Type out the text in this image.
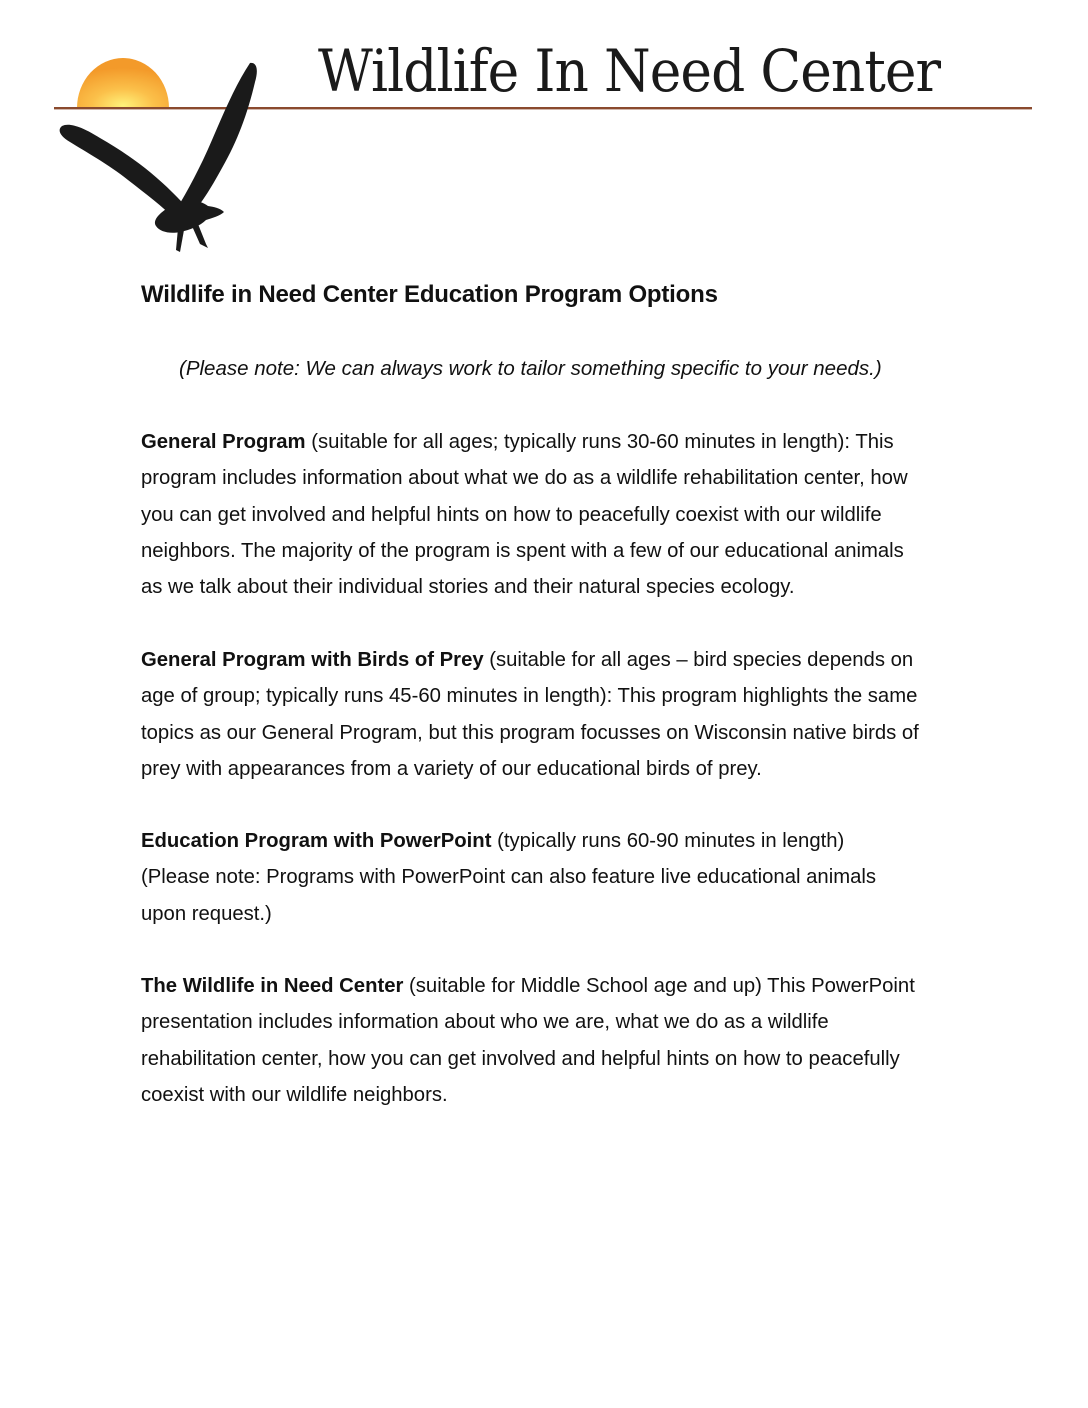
Wildlife In Need Center
Wildlife in Need Center Education Program Options

(Please note: We can always work to tailor something specific to your needs.)

General Program (suitable for all ages; typically runs 30-60 minutes in length): This
program includes information about what we do as a wildlife rehabilitation center, how
you can get involved and helpful hints on how to peacefully coexist with our wildlife
neighbors. The majority of the program is spent with a few of our educational animals
as we talk about their individual stories and their natural species ecology.
General Program with Birds of Prey (suitable for all ages – bird species depends on
age of group; typically runs 45-60 minutes in length): This program highlights the same
topics as our General Program, but this program focusses on Wisconsin native birds of
prey with appearances from a variety of our educational birds of prey.
Education Program with PowerPoint (typically runs 60-90 minutes in length)
(Please note: Programs with PowerPoint can also feature live educational animals
upon request.)
The Wildlife in Need Center (suitable for Middle School age and up) This PowerPoint
presentation includes information about who we are, what we do as a wildlife
rehabilitation center, how you can get involved and helpful hints on how to peacefully
coexist with our wildlife neighbors.
